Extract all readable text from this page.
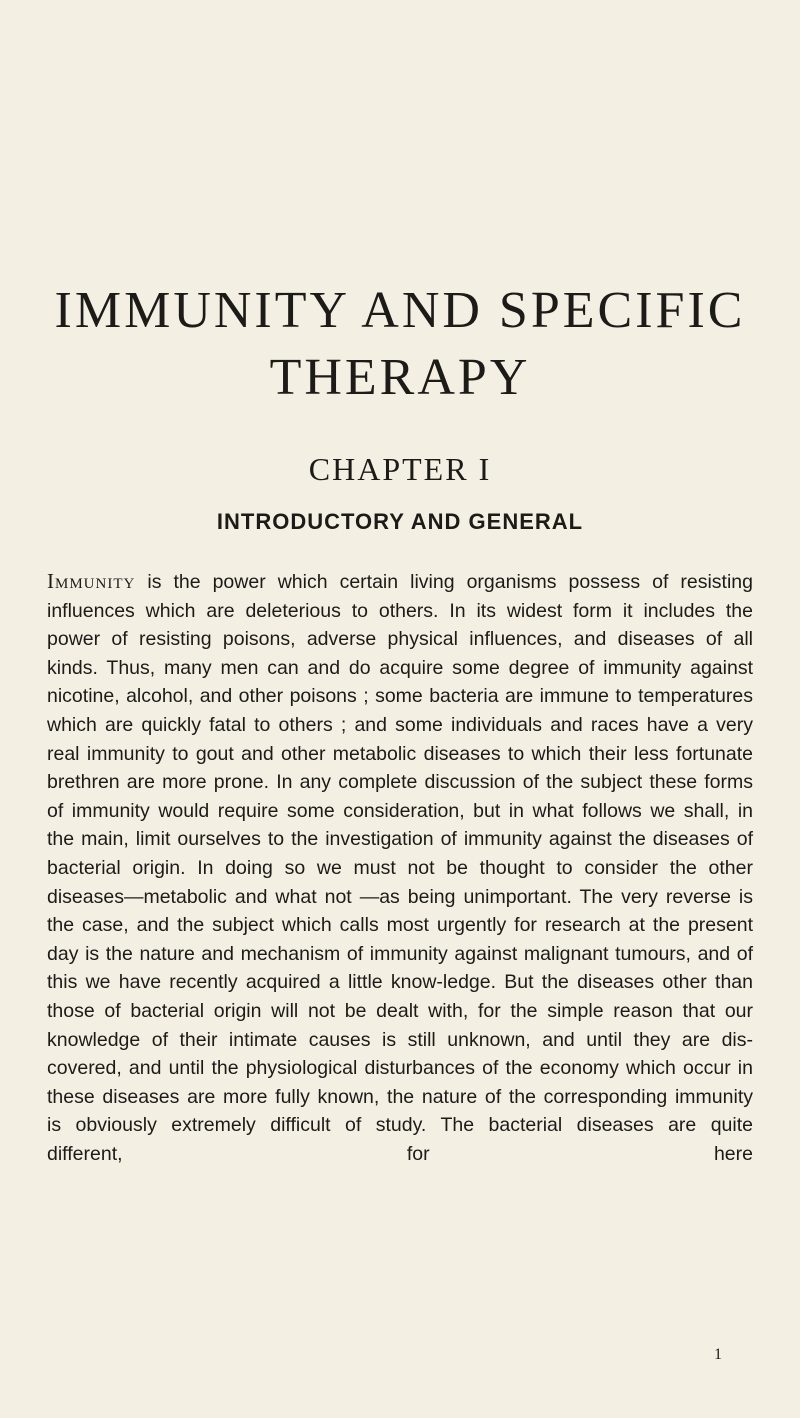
IMMUNITY AND SPECIFIC
THERAPY
CHAPTER I
INTRODUCTORY AND GENERAL

Immunity is the power which certain living organisms possess of resisting influences which are deleterious to others. In its widest form it includes the power of resisting poisons, adverse physical influences, and diseases of all kinds. Thus, many men can and do acquire some degree of immunity against nicotine, alcohol, and other poisons ; some bacteria are immune to temperatures which are quickly fatal to others ; and some individuals and races have a very real immunity to gout and other metabolic diseases to which their less fortunate brethren are more prone. In any complete discussion of the subject these forms of immunity would require some consideration, but in what follows we shall, in the main, limit ourselves to the investigation of immunity against the diseases of bacterial origin. In doing so we must not be thought to consider the other diseases—metabolic and what not —as being unimportant. The very reverse is the case, and the subject which calls most urgently for research at the present day is the nature and mechanism of immunity against malignant tumours, and of this we have recently acquired a little know-ledge. But the diseases other than those of bacterial origin will not be dealt with, for the simple reason that our knowledge of their intimate causes is still unknown, and until they are dis-covered, and until the physiological disturbances of the economy which occur in these diseases are more fully known, the nature of the corresponding immunity is obviously extremely difficult of study. The bacterial diseases are quite different, for here

1
